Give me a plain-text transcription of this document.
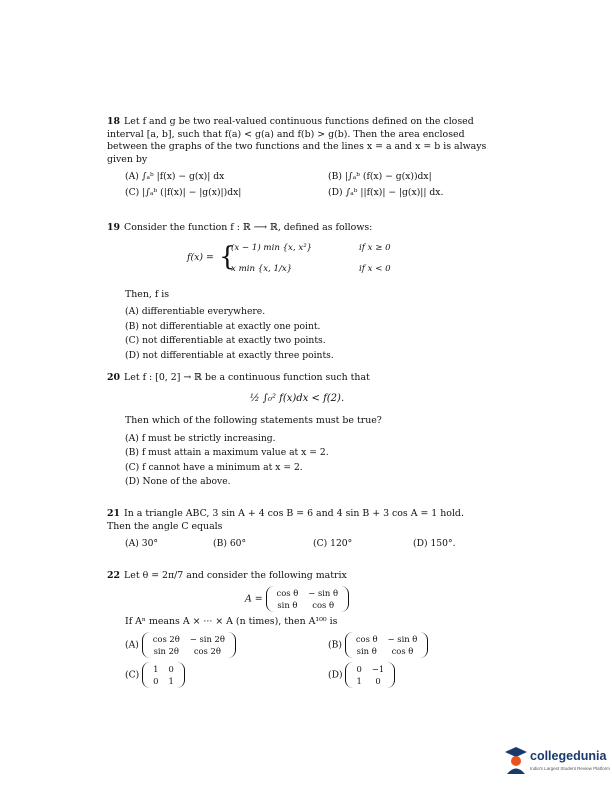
18 Let f and g be two real-valued continuous functions defined on the closed interval [a, b], such that f(a) < g(a) and f(b) > g(b). Then the area enclosed between the graphs of the two functions and the lines x = a and x = b is always given by
(A) ∫ₐᵇ |f(x) − g(x)| dx	(B) |∫ₐᵇ (f(x) − g(x))dx|
(C) |∫ₐᵇ (|f(x)| − |g(x)|)dx|	(D) ∫ₐᵇ ||f(x)| − |g(x)|| dx.
19 Consider the function f : ℝ ⟶ ℝ, defined as follows:
f(x) = {
(x − 1) min {x, x²}	if x ≥ 0
x min {x, 1/x}	if x < 0
Then, f is
(A) differentiable everywhere.
(B) not differentiable at exactly one point.
(C) not differentiable at exactly two points.
(D) not differentiable at exactly three points.
20 Let f : [0, 2] → ℝ be a continuous function such that
½ ∫₀² f(x)dx < f(2).
Then which of the following statements must be true?
(A) f must be strictly increasing.
(B) f must attain a maximum value at x = 2.
(C) f cannot have a minimum at x = 2.
(D) None of the above.
21 In a triangle ABC, 3 sin A + 4 cos B = 6 and 4 sin B + 3 cos A = 1 hold. Then the angle C equals
(A) 30°	(B) 60°	(C) 120°	(D) 150°.
22 Let θ = 2π/7 and consider the following matrix
A = cos θ	− sin θ
sin θ	cos θ
If Aⁿ means A × ··· × A (n times), then A¹⁰⁰ is
(A) cos 2θ	− sin 2θ
sin 2θ	cos 2θ
(B) cos θ	− sin θ
sin θ	cos θ
(C) 1	0
0	1
(D) 0	−1
1	0
collegedunia
India's Largest Student Review Platform
